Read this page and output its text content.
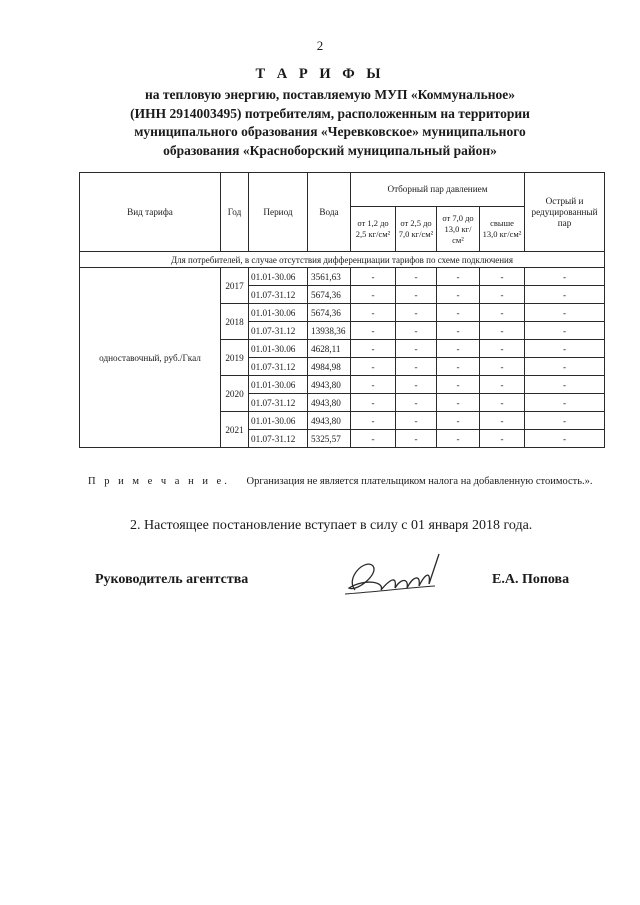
2
Т А Р И Ф Ы
на тепловую энергию, поставляемую МУП «Коммунальное»
(ИНН 2914003495) потребителям, расположенным на территории
муниципального образования «Черевковское» муниципального
образования «Красноборский муниципальный район»
Вид тарифа	Год	Период	Вода	Отборный пар давлением				Острый и редуцированный пар
				от 1,2 до 2,5 кг/см²	от 2,5 до 7,0 кг/см²	от 7,0 до 13,0 кг/см²	свыше 13,0 кг/см²	
Для потребителей, в случае отсутствия дифференциации тарифов по схеме подключения								
одноставочный, руб./Гкал	2017	01.01-30.06	3561,63	-	-	-	-	-
		01.07-31.12	5674,36	-	-	-	-	-
	2018	01.01-30.06	5674,36	-	-	-	-	-
		01.07-31.12	13938,36	-	-	-	-	-
	2019	01.01-30.06	4628,11	-	-	-	-	-
		01.07-31.12	4984,98	-	-	-	-	-
	2020	01.01-30.06	4943,80	-	-	-	-	-
		01.07-31.12	4943,80	-	-	-	-	-
	2021	01.01-30.06	4943,80	-	-	-	-	-
		01.07-31.12	5325,57	-	-	-	-	-
П р и м е ч а н и е. Организация не является плательщиком налога на добавленную стоимость.».
2. Настоящее постановление вступает в силу с 01 января 2018 года.
Руководитель агентства	Е.А. Попова
